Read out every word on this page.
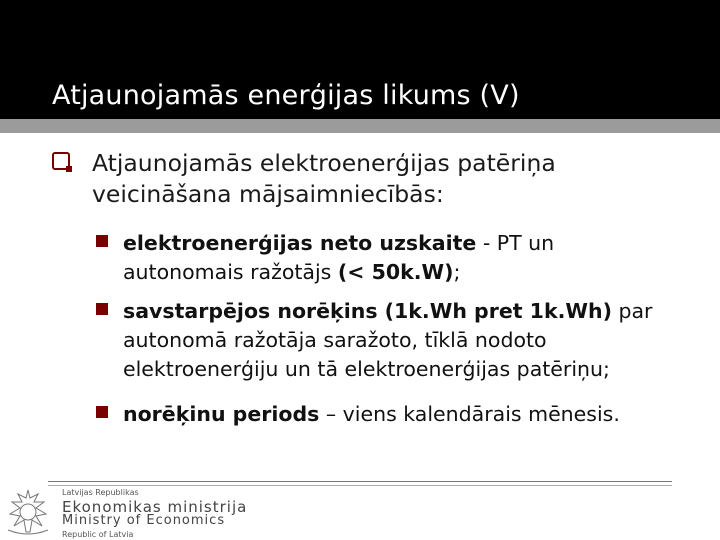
Atjaunojamās enerģijas likums (V)
Atjaunojamās elektroenerģijas patēriņa
veicināšana mājsaimniecībās:
elektroenerģijas neto uzskaite - PT un autonomais ražotājs (< 50k.W);
savstarpējos norēķins (1k.Wh pret 1k.Wh) par autonomā ražotāja saražoto, tīklā nodoto elektroenerģiju un tā elektroenerģijas patēriņu;
norēķinu periods – viens kalendārais mēnesis.
Latvijas Republikas
Ekonomikas ministrija
Ministry of Economics
Republic of Latvia
